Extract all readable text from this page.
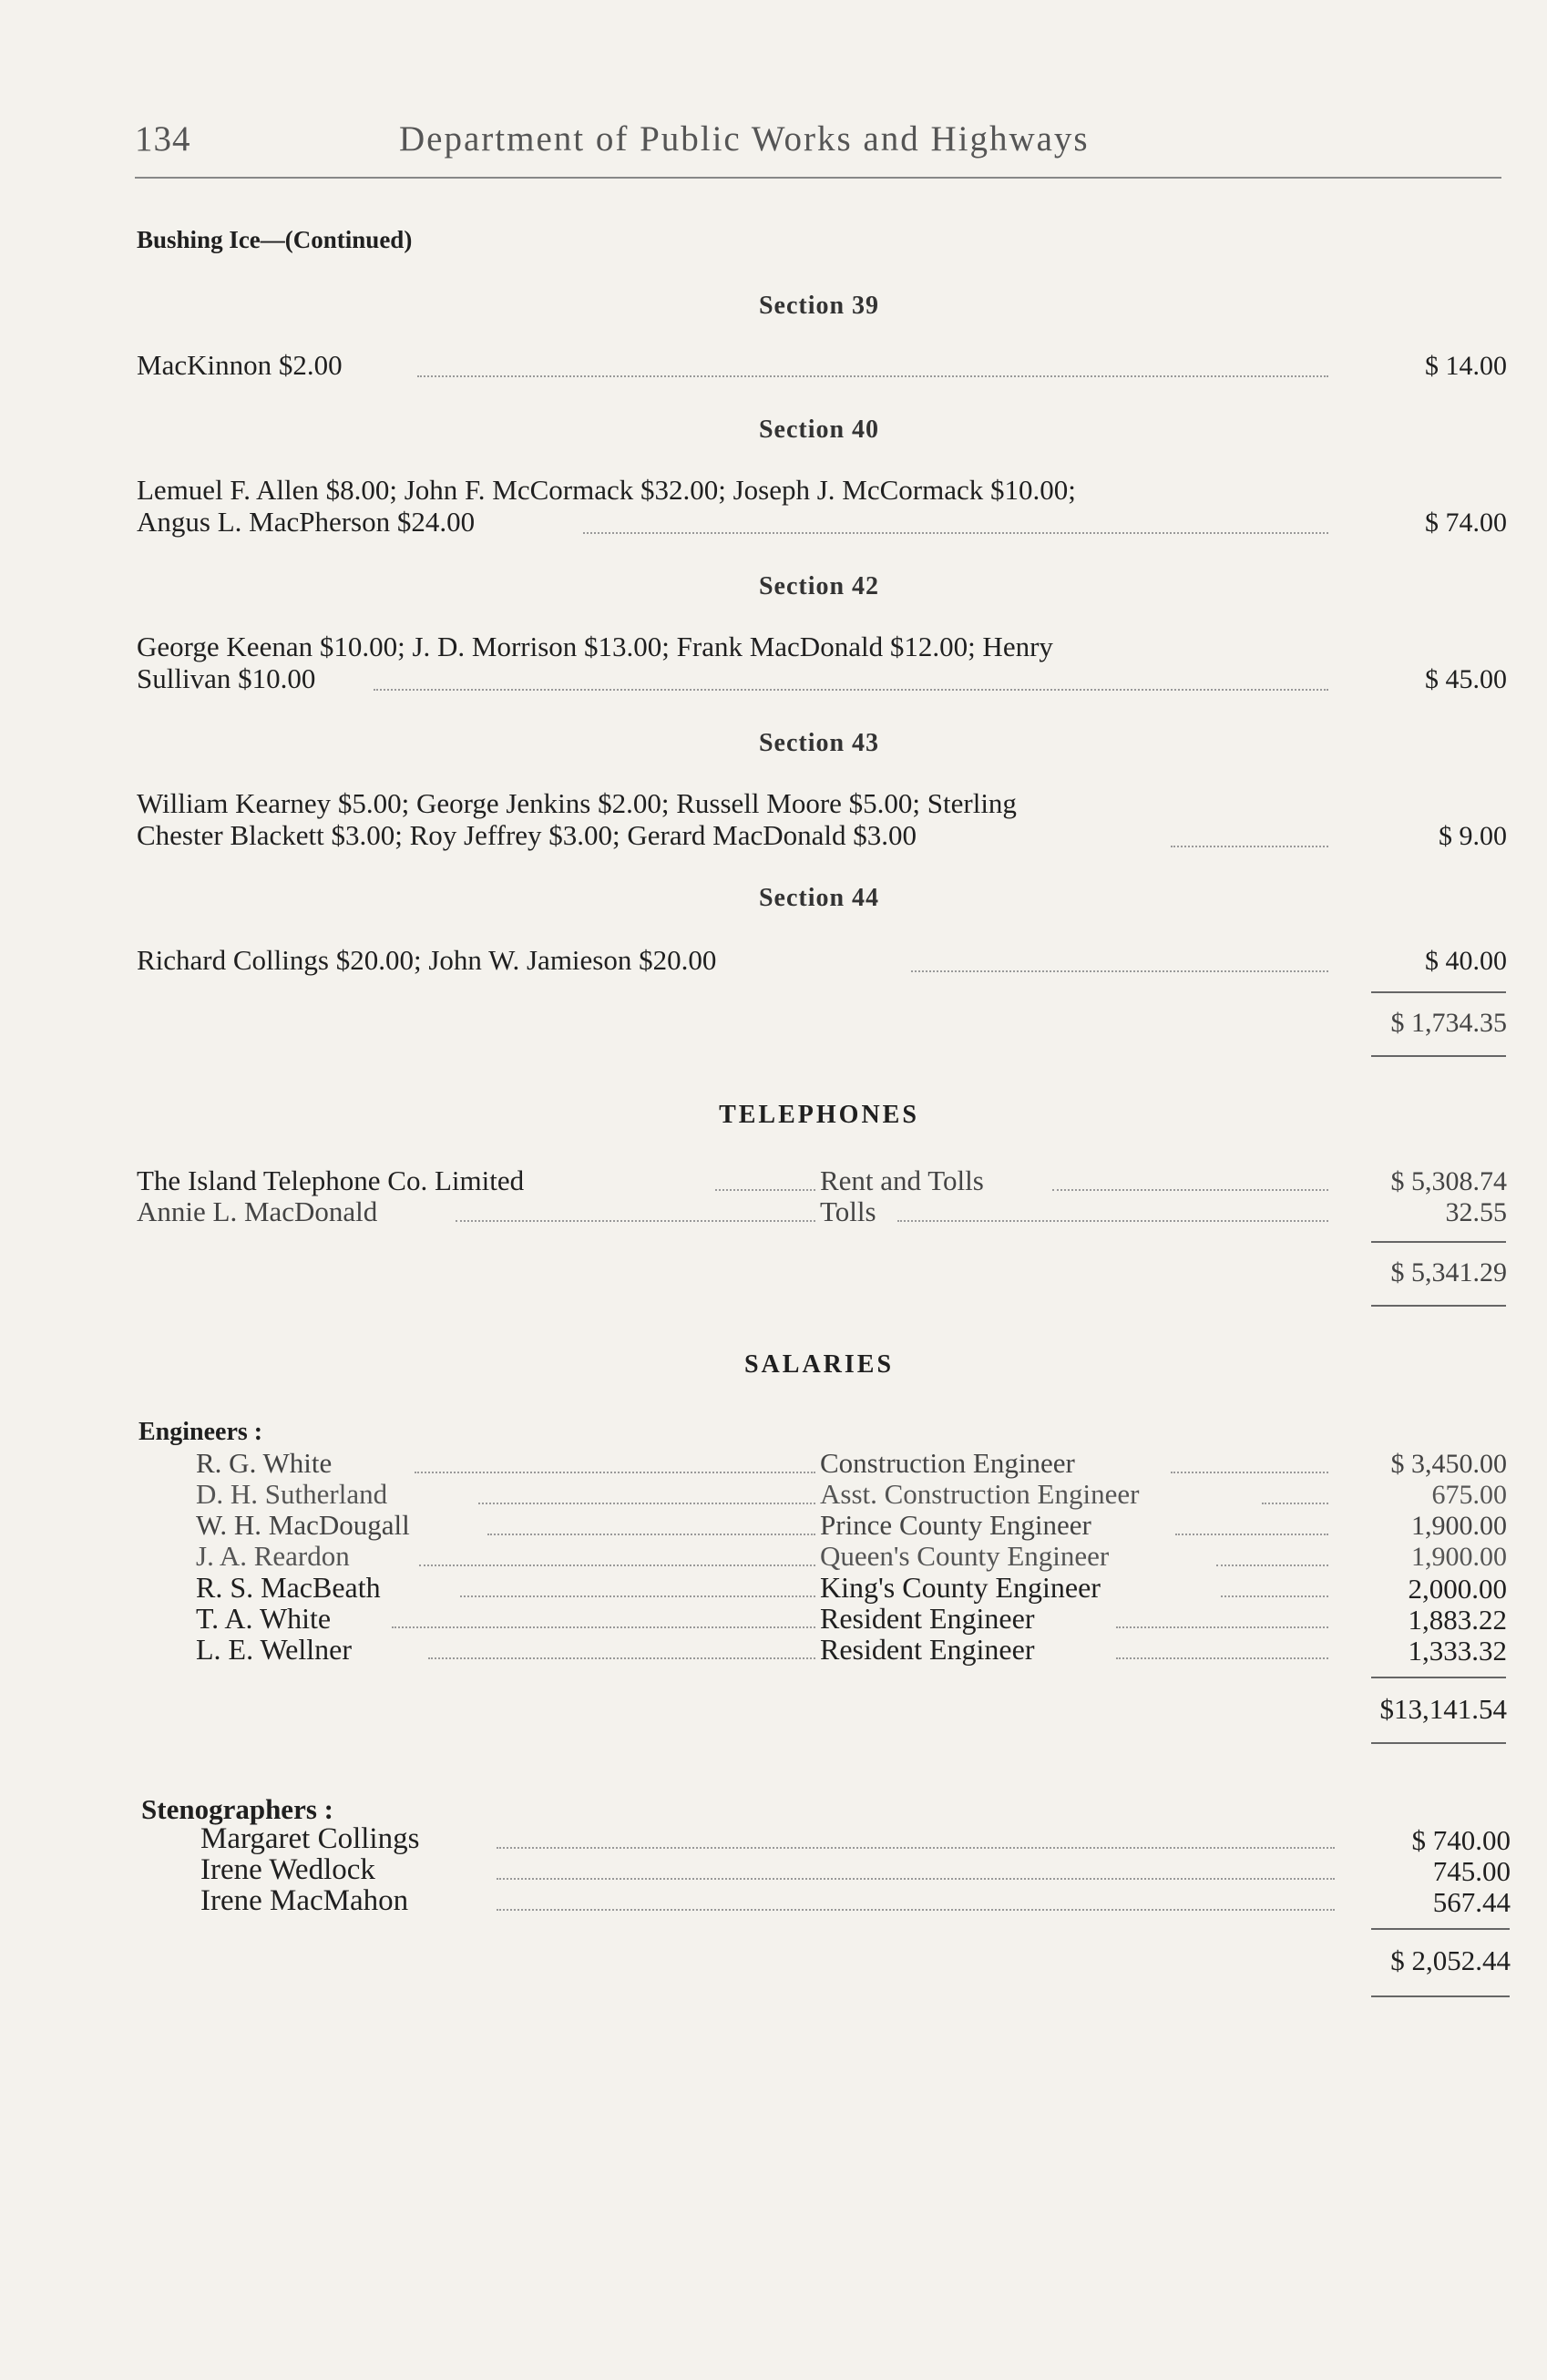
134	Department of Public Works and Highways
Bushing Ice—(Continued)
Section 39
MacKinnon $2.00	$ 14.00
Section 40
Lemuel F. Allen $8.00; John F. McCormack $32.00; Joseph J. McCormack $10.00;
Angus L. MacPherson $24.00	$ 74.00
Section 42
George Keenan $10.00; J. D. Morrison $13.00; Frank MacDonald $12.00; Henry
Sullivan $10.00	$ 45.00
Section 43
William Kearney $5.00; George Jenkins $2.00; Russell Moore $5.00; Sterling
Chester Blackett $3.00; Roy Jeffrey $3.00; Gerard MacDonald $3.00	$ 9.00
Section 44
Richard Collings $20.00; John W. Jamieson $20.00	$ 40.00
$ 1,734.35
TELEPHONES
The Island Telephone Co. Limited	Rent and Tolls	$ 5,308.74
Annie L. MacDonald	Tolls	32.55
$ 5,341.29
SALARIES
Engineers :
R. G. White	Construction Engineer	$ 3,450.00
D. H. Sutherland	Asst. Construction Engineer	675.00
W. H. MacDougall	Prince County Engineer	1,900.00
J. A. Reardon	Queen's County Engineer	1,900.00
R. S. MacBeath	King's County Engineer	2,000.00
T. A. White	Resident Engineer	1,883.22
L. E. Wellner	Resident Engineer	1,333.32
$13,141.54
Stenographers :
Margaret Collings	$ 740.00
Irene Wedlock	745.00
Irene MacMahon	567.44
$ 2,052.44
